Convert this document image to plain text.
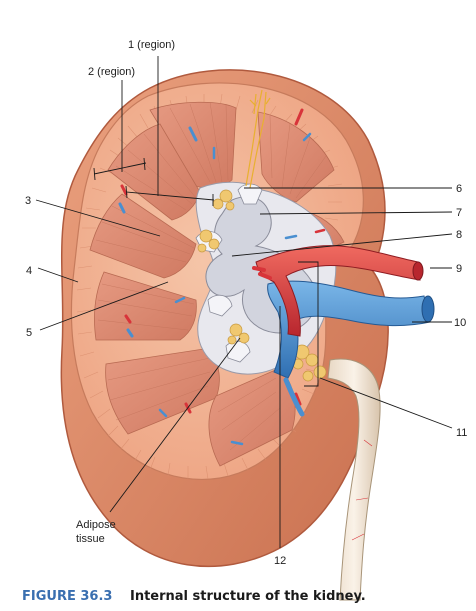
1 (region)
2 (region)
3
4
5
6
7
8
9
10
11
12
Adipose
tissue
FIGURE 36.3 Internal structure of the kidney.
